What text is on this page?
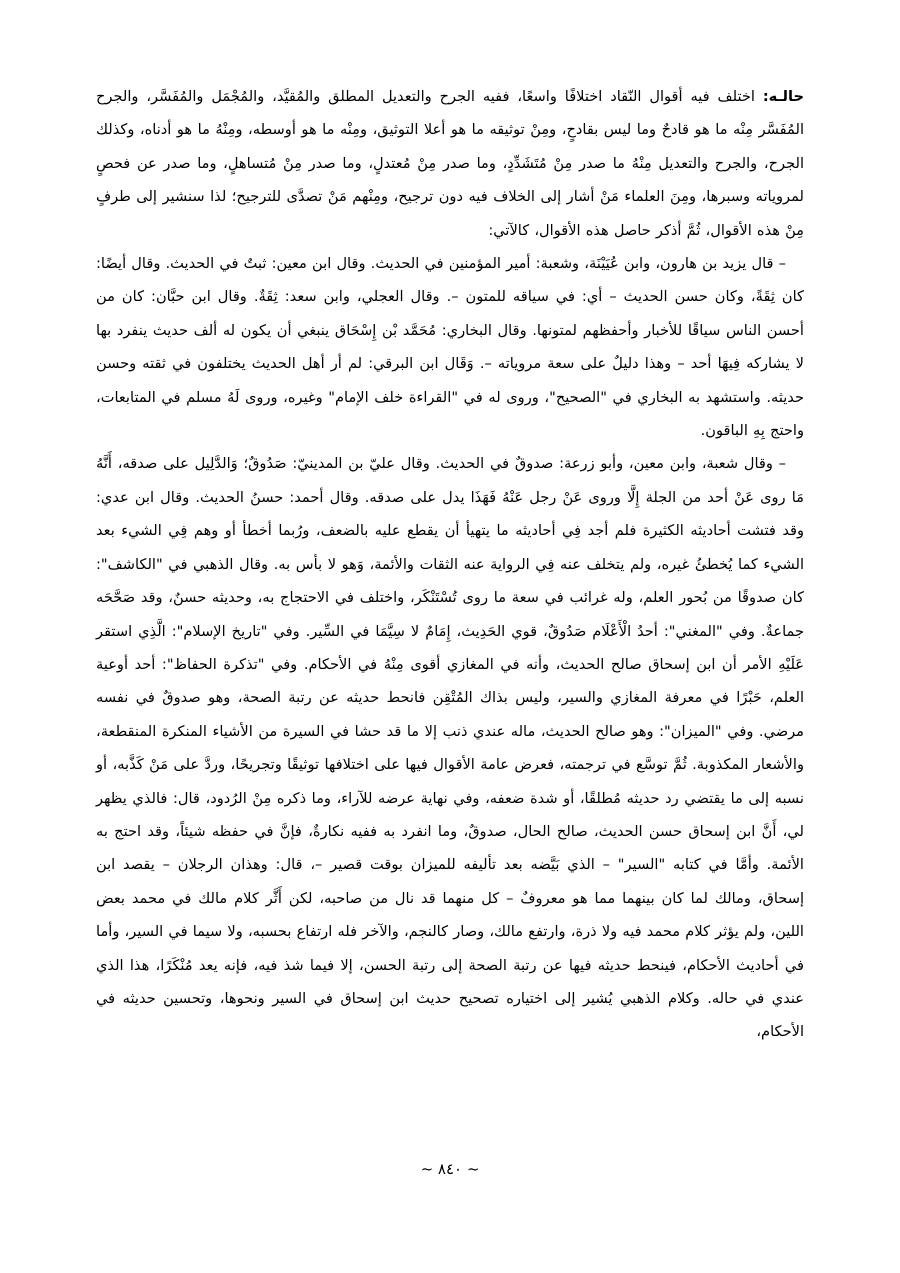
حالـه: اختلف فيه أقوال النّقاد اختلافًا واسعًا، ففيه الجرح والتعديل المطلق والمُقيَّد، والمُجْمَل والمُفَسَّر، والجرح المُفَسَّر مِنْه ما هو قادحٌ وما ليس بقادحٍ، ومِنْ توثيقه ما هو أعلا التوثيق، ومِنْه ما هو أوسطه، ومِنْهُ ما هو أدناه، وكذلك الجرح، والجرح والتعديل مِنْهُ ما صدر مِنْ مُتَشَدِّدٍ، وما صدر مِنْ مُعتدلٍ، وما صدر مِنْ مُتساهلٍ، وما صدر عن فحصٍ لمروياته وسبرها، ومِنَ العلماء مَنْ أشار إلى الخلاف فيه دون ترجيح، ومِنْهم مَنْ تصدَّى للترجيح؛ لذا سنشير إلى طرفٍ مِنْ هذه الأقوال، ثُمَّ أذكر حاصل هذه الأقوال، كالآتي:

– قال يزيد بن هارون، وابن عُيَيْنَة، وشعبة: أمير المؤمنين في الحديث. وقال ابن معين: ثبتٌ في الحديث. وقال أيضًا: كان ثِقَةً، وكان حسن الحديث – أي: في سياقه للمتون –. وقال العجلي، وابن سعد: ثِقَةٌ. وقال ابن حبَّان: كان من أحسن الناس سياقًا للأخبار وأحفظهم لمتونها. وقال البخاري: مُحَمَّد بْن إِسْحَاق ينبغي أن يكون له ألف حديث ينفرد بها لا يشاركه فِيهَا أحد – وهذا دليلٌ على سعة مروياته –. وَقَال ابن البرقي: لم أر أهل الحديث يختلفون في ثقته وحسن حديثه. واستشهد به البخاري في "الصحيح"، وروى له في "القراءة خلف الإمام" وغيره، وروى لَهُ مسلم في المتابعات، واحتج بِهِ الباقون.

– وقال شعبة، وابن معين، وأبو زرعة: صدوقٌ في الحديث. وقال عليّ بن المدينيّ: صَدُوقٌ؛ وَالدَّلِيل على صدقه، أَنَّهُ مَا روى عَنْ أحد من الجلة إِلَّا وروى عَنْ رجل عَنْهُ فَهَذَا يدل على صدقه. وقال أحمد: حسنُ الحديث. وقال ابن عدي: وقد فتشت أحاديثه الكثيرة فلم أجد فِي أحاديثه ما يتهيأ أن يقطع عليه بالضعف، ورُبما أخطأ أو وهم فِي الشيء بعد الشيء كما يُخطئُ غيره، ولم يتخلف عنه فِي الرواية عنه الثقات والأئمة، وَهو لا بأس به. وقال الذهبي في "الكاشف": كان صدوقًا من بُحور العلم، وله غرائب في سعة ما روى تُسْتَنْكَر، واختلف في الاحتجاج به، وحديثه حسنٌ، وقد صَحَّحَه جماعةٌ. وفي "المغني": أحدُ الْأَعْلَام صَدُوقٌ، قوي الحَدِيث، إِمَامٌ لا سِيَّمَا في السِّير. وفي "تاريخ الإسلام": الَّذِي استقر عَلَيْهِ الأمر أن ابن إسحاق صالح الحديث، وأنه في المغازي أقوى مِنْهُ في الأحكام. وفي "تذكرة الحفاظ": أحد أوعية العلم، حَبْرًا في معرفة المغازي والسير، وليس بذاك المُتْقِن فانحط حديثه عن رتبة الصحة، وهو صدوقٌ في نفسه مرضي. وفي "الميزان": وهو صالح الحديث، ماله عندي ذنب إلا ما قد حشا في السيرة من الأشياء المنكرة المنقطعة، والأشعار المكذوبة. ثُمَّ توسَّع في ترجمته، فعرض عامة الأقوال فيها على اختلافها توثيقًا وتجريحًا، وردَّ على مَنْ كَذَّبه، أو نسبه إلى ما يقتضي رد حديثه مُطلقًا، أو شدة ضعفه، وفي نهاية عرضه للآراء، وما ذكره مِنْ الرُدود، قال: فالذي يظهر لي، أَنَّ ابن إسحاق حسن الحديث، صالح الحال، صدوقٌ، وما انفرد به ففيه نكارةٌ، فإنَّ في حفظه شيئاً، وقد احتج به الأئمة. وأمَّا في كتابه "السير" – الذي بَيَّضه بعد تأليفه للميزان بوقت قصير –، قال: وهذان الرجلان – يقصد ابن إسحاق، ومالك لما كان بينهما مما هو معروفٌ – كل منهما قد نال من صاحبه، لكن أَثَّر كلام مالك في محمد بعض اللين، ولم يؤثر كلام محمد فيه ولا ذرة، وارتفع مالك، وصار كالنجم، والآخر فله ارتفاع بحسبه، ولا سيما في السير، وأما في أحاديث الأحكام، فينحط حديثه فيها عن رتبة الصحة إلى رتبة الحسن، إلا فيما شذ فيه، فإنه يعد مُنْكَرًا، هذا الذي عندي في حاله. وكلام الذهبي يُشير إلى اختياره تصحيح حديث ابن إسحاق في السير ونحوها، وتحسين حديثه في الأحكام،

~ ٨٤٠ ~
